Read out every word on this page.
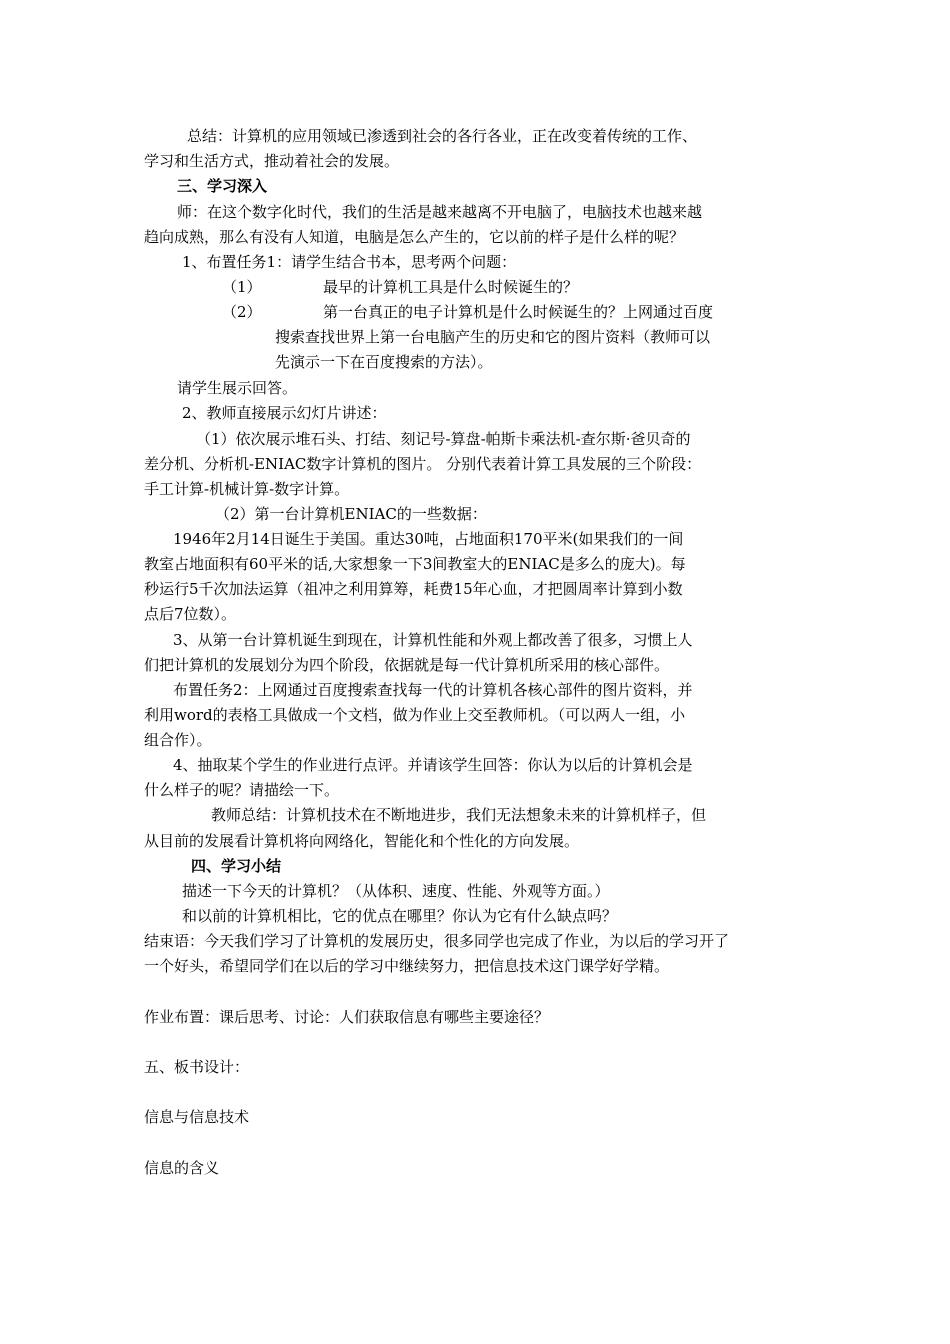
总结：计算机的应用领域已渗透到社会的各行各业，正在改变着传统的工作、
学习和生活方式，推动着社会的发展。
三、学习深入
师：在这个数字化时代，我们的生活是越来越离不开电脑了，电脑技术也越来越
趋向成熟，那么有没有人知道，电脑是怎么产生的，它以前的样子是什么样的呢？
1、布置任务1：请学生结合书本，思考两个问题：
（1）	最早的计算机工具是什么时候诞生的？
（2）	第一台真正的电子计算机是什么时候诞生的？上网通过百度
搜索查找世界上第一台电脑产生的历史和它的图片资料（教师可以
先演示一下在百度搜索的方法）。
请学生展示回答。
2、教师直接展示幻灯片讲述：
（1）依次展示堆石头、打结、刻记号-算盘-帕斯卡乘法机-查尔斯·爸贝奇的
差分机、分析机-ENIAC数字计算机的图片。 分别代表着计算工具发展的三个阶段：
手工计算-机械计算-数字计算。
（2）第一台计算机ENIAC的一些数据：
1946年2月14日诞生于美国。重达30吨，占地面积170平米(如果我们的一间
教室占地面积有60平米的话,大家想象一下3间教室大的ENIAC是多么的庞大)。每
秒运行5千次加法运算（祖冲之利用算筹，耗费15年心血，才把圆周率计算到小数
点后7位数）。
3、从第一台计算机诞生到现在，计算机性能和外观上都改善了很多，习惯上人
们把计算机的发展划分为四个阶段，依据就是每一代计算机所采用的核心部件。
布置任务2：上网通过百度搜索查找每一代的计算机各核心部件的图片资料，并
利用word的表格工具做成一个文档，做为作业上交至教师机。（可以两人一组，小
组合作）。
4、抽取某个学生的作业进行点评。并请该学生回答：你认为以后的计算机会是
什么样子的呢？请描绘一下。
教师总结：计算机技术在不断地进步，我们无法想象未来的计算机样子，但
从目前的发展看计算机将向网络化，智能化和个性化的方向发展。
四、学习小结
描述一下今天的计算机？（从体积、速度、性能、外观等方面。）
和以前的计算机相比，它的优点在哪里？你认为它有什么缺点吗？
结束语：今天我们学习了计算机的发展历史，很多同学也完成了作业，为以后的学习开了
一个好头，希望同学们在以后的学习中继续努力，把信息技术这门课学好学精。
作业布置：课后思考、讨论：人们获取信息有哪些主要途径？
五、板书设计：
信息与信息技术
信息的含义
